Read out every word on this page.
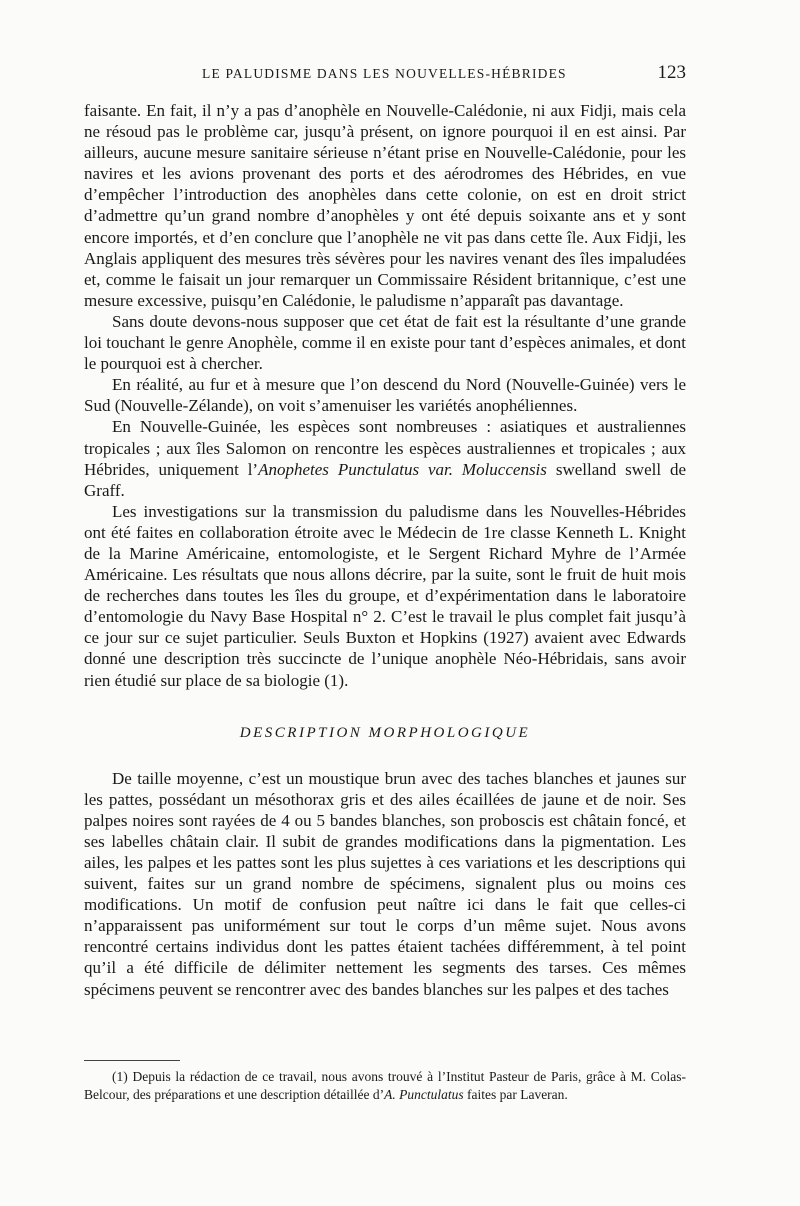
LE PALUDISME DANS LES NOUVELLES-HÉBRIDES	123

faisante. En fait, il n’y a pas d’anophèle en Nouvelle-Calédonie, ni aux Fidji, mais cela ne résoud pas le problème car, jusqu’à présent, on ignore pourquoi il en est ainsi. Par ailleurs, aucune mesure sanitaire sérieuse n’étant prise en Nouvelle-Calédonie, pour les navires et les avions provenant des ports et des aérodromes des Hébrides, en vue d’empêcher l’introduction des anophèles dans cette colonie, on est en droit strict d’admettre qu’un grand nombre d’anophèles y ont été depuis soixante ans et y sont encore importés, et d’en conclure que l’anophèle ne vit pas dans cette île. Aux Fidji, les Anglais appliquent des mesures très sévères pour les navires venant des îles impaludées et, comme le faisait un jour remarquer un Commissaire Résident britannique, c’est une mesure excessive, puisqu’en Calédonie, le paludisme n’apparaît pas davantage.

Sans doute devons-nous supposer que cet état de fait est la résultante d’une grande loi touchant le genre Anophèle, comme il en existe pour tant d’espèces animales, et dont le pourquoi est à chercher.

En réalité, au fur et à mesure que l’on descend du Nord (Nouvelle-Guinée) vers le Sud (Nouvelle-Zélande), on voit s’amenuiser les variétés anophéliennes.

En Nouvelle-Guinée, les espèces sont nombreuses : asiatiques et australiennes tropicales ; aux îles Salomon on rencontre les espèces australiennes et tropicales ; aux Hébrides, uniquement l’Anophetes Punctulatus var. Moluccensis swelland swell de Graff.

Les investigations sur la transmission du paludisme dans les Nouvelles-Hébrides ont été faites en collaboration étroite avec le Médecin de 1re classe Kenneth L. Knight de la Marine Américaine, entomologiste, et le Sergent Richard Myhre de l’Armée Américaine. Les résultats que nous allons décrire, par la suite, sont le fruit de huit mois de recherches dans toutes les îles du groupe, et d’expérimentation dans le laboratoire d’entomologie du Navy Base Hospital n° 2. C’est le travail le plus complet fait jusqu’à ce jour sur ce sujet particulier. Seuls Buxton et Hopkins (1927) avaient avec Edwards donné une description très succincte de l’unique anophèle Néo-Hébridais, sans avoir rien étudié sur place de sa biologie (1).

DESCRIPTION MORPHOLOGIQUE

De taille moyenne, c’est un moustique brun avec des taches blanches et jaunes sur les pattes, possédant un mésothorax gris et des ailes écaillées de jaune et de noir. Ses palpes noires sont rayées de 4 ou 5 bandes blanches, son proboscis est châtain foncé, et ses labelles châtain clair. Il subit de grandes modifications dans la pigmentation. Les ailes, les palpes et les pattes sont les plus sujettes à ces variations et les descriptions qui suivent, faites sur un grand nombre de spécimens, signalent plus ou moins ces modifications. Un motif de confusion peut naître ici dans le fait que celles-ci n’apparaissent pas uniformément sur tout le corps d’un même sujet. Nous avons rencontré certains individus dont les pattes étaient tachées différemment, à tel point qu’il a été difficile de délimiter nettement les segments des tarses. Ces mêmes spécimens peuvent se rencontrer avec des bandes blanches sur les palpes et des taches

(1) Depuis la rédaction de ce travail, nous avons trouvé à l’Institut Pasteur de Paris, grâce à M. Colas-Belcour, des préparations et une description détaillée d’A. Punctulatus faites par Laveran.
